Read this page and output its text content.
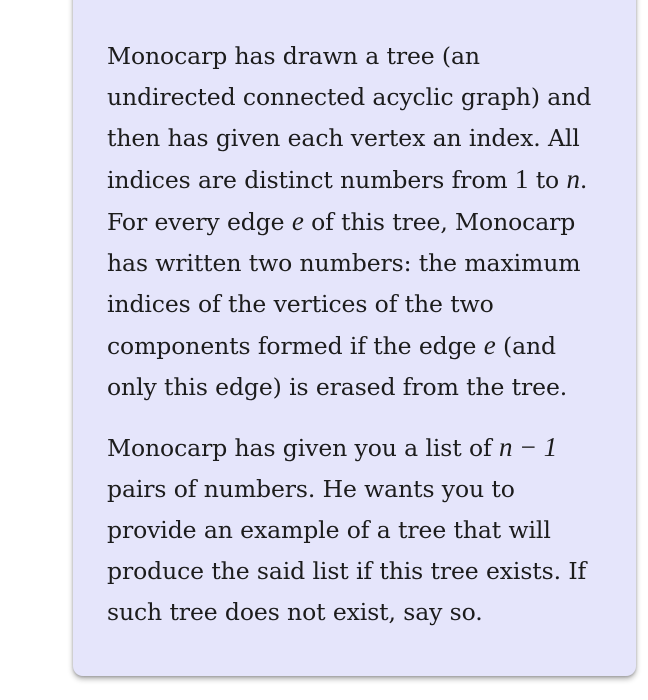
Monocarp has drawn a tree (an undirected connected acyclic graph) and then has given each vertex an index. All indices are distinct numbers from 1 to n. For every edge e of this tree, Monocarp has written two numbers: the maximum indices of the vertices of the two components formed if the edge e (and only this edge) is erased from the tree.

Monocarp has given you a list of n − 1 pairs of numbers. He wants you to provide an example of a tree that will produce the said list if this tree exists. If such tree does not exist, say so.
